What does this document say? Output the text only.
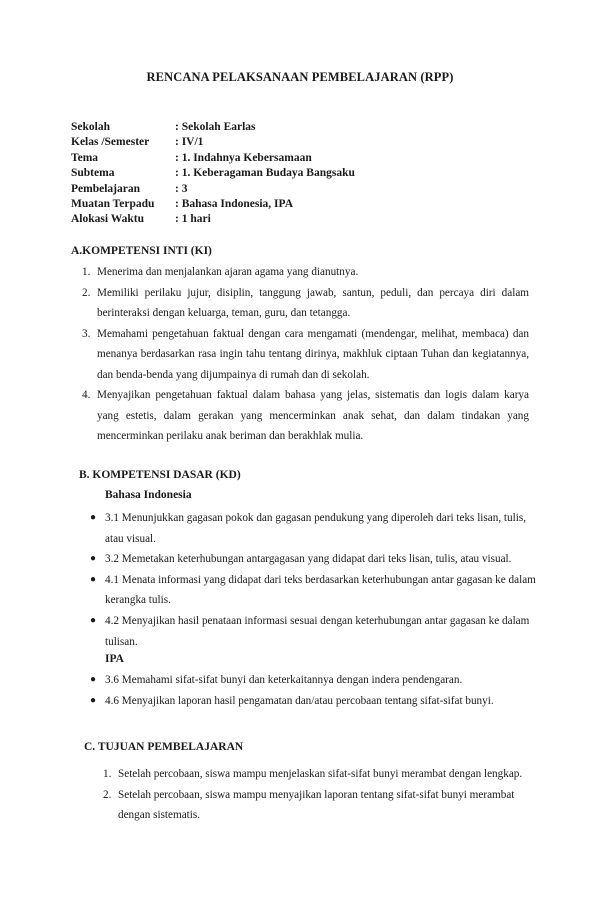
RENCANA PELAKSANAAN PEMBELAJARAN (RPP)
Sekolah	: Sekolah Earlas
Kelas /Semester : IV/1
Tema	: 1. Indahnya Kebersamaan
Subtema	: 1. Keberagaman Budaya Bangsaku
Pembelajaran	: 3
Muatan Terpadu : Bahasa Indonesia, IPA
Alokasi Waktu	: 1 hari
A.KOMPETENSI INTI (KI)
1. Menerima dan menjalankan ajaran agama yang dianutnya.
2. Memiliki perilaku jujur, disiplin, tanggung jawab, santun, peduli, dan percaya diri dalam berinteraksi dengan keluarga, teman, guru, dan tetangga.
3. Memahami pengetahuan faktual dengan cara mengamati (mendengar, melihat, membaca) dan menanya berdasarkan rasa ingin tahu tentang dirinya, makhluk ciptaan Tuhan dan kegiatannya, dan benda-benda yang dijumpainya di rumah dan di sekolah.
4. Menyajikan pengetahuan faktual dalam bahasa yang jelas, sistematis dan logis dalam karya yang estetis, dalam gerakan yang mencerminkan anak sehat, dan dalam tindakan yang mencerminkan perilaku anak beriman dan berakhlak mulia.
B. KOMPETENSI DASAR (KD)
Bahasa Indonesia
● 3.1 Menunjukkan gagasan pokok dan gagasan pendukung yang diperoleh dari teks lisan, tulis, atau visual.
● 3.2 Memetakan keterhubungan antargagasan yang didapat dari teks lisan, tulis, atau visual.
● 4.1 Menata informasi yang didapat dari teks berdasarkan keterhubungan antar gagasan ke dalam kerangka tulis.
● 4.2 Menyajikan hasil penataan informasi sesuai dengan keterhubungan antar gagasan ke dalam tulisan.
IPA
● 3.6 Memahami sifat-sifat bunyi dan keterkaitannya dengan indera pendengaran.
● 4.6 Menyajikan laporan hasil pengamatan dan/atau percobaan tentang sifat-sifat bunyi.
C. TUJUAN PEMBELAJARAN
1. Setelah percobaan, siswa mampu menjelaskan sifat-sifat bunyi merambat dengan lengkap.
2. Setelah percobaan, siswa mampu menyajikan laporan tentang sifat-sifat bunyi merambat dengan sistematis.
